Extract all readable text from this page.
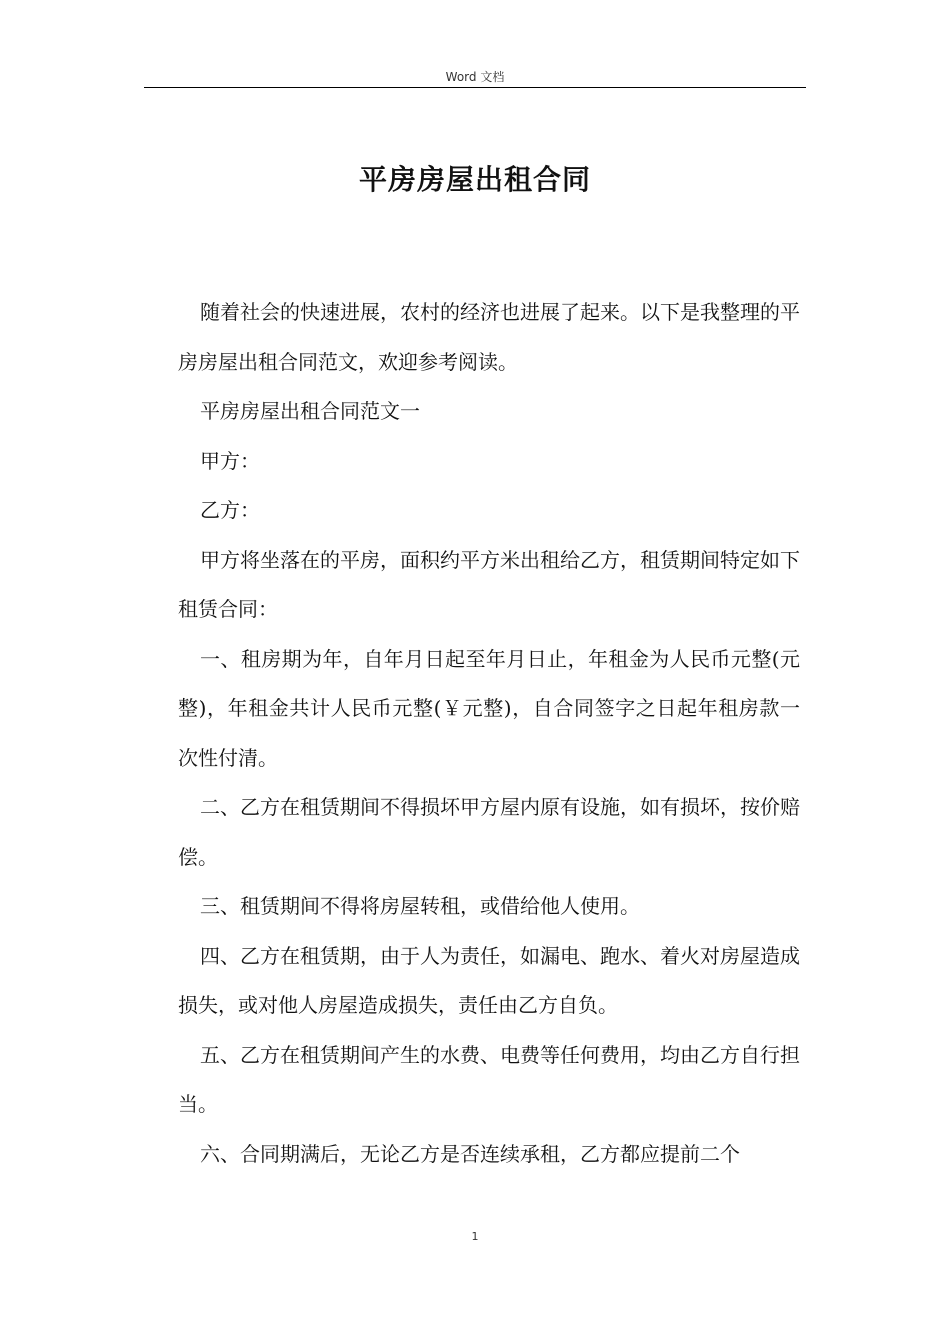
Word 文档
平房房屋出租合同

随着社会的快速进展，农村的经济也进展了起来。以下是我整理的平房房屋出租合同范文，欢迎参考阅读。

平房房屋出租合同范文一

甲方：

乙方：

甲方将坐落在的平房，面积约平方米出租给乙方，租赁期间特定如下租赁合同：

一、租房期为年，自年月日起至年月日止，年租金为人民币元整(元整)，年租金共计人民币元整(￥元整)，自合同签字之日起年租房款一次性付清。

二、乙方在租赁期间不得损坏甲方屋内原有设施，如有损坏，按价赔偿。

三、租赁期间不得将房屋转租，或借给他人使用。

四、乙方在租赁期，由于人为责任，如漏电、跑水、着火对房屋造成损失，或对他人房屋造成损失，责任由乙方自负。

五、乙方在租赁期间产生的水费、电费等任何费用，均由乙方自行担当。

六、合同期满后，无论乙方是否连续承租，乙方都应提前二个

1
